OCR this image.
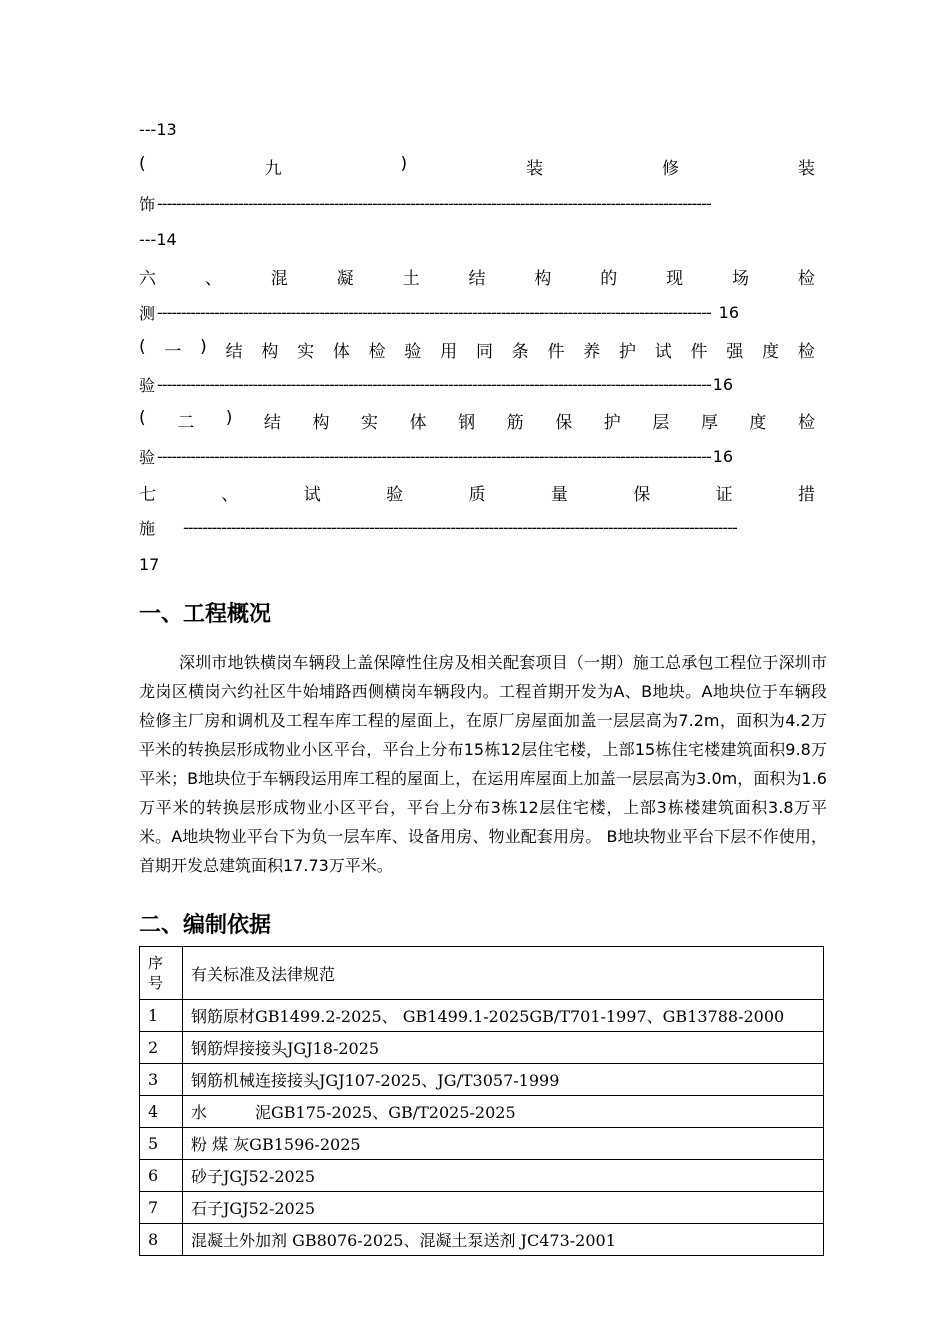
---13
(	九	)	装	修	装
饰 --------------------------------------------------------------------------------------------------------------------
---14
六	、	混	凝	土	结	构	的	现	场	检
测 -------------------------------------------------------------------------------------------------------------------- 16
( 一 ) 结 构 实 体 检 验 用 同 条 件 养 护 试 件 强 度 检
验 -------------------------------------------------------------------------------------------------------------------- 16
( 二 ) 结 构 实 体 钢 筋 保 护 层 厚 度 检
验 -------------------------------------------------------------------------------------------------------------------- 16
七	、	试	验	质	量	保	证	措
施 --------------------------------------------------------------------------------------------------------------------
17
一、工程概况

深圳市地铁横岗车辆段上盖保障性住房及相关配套项目（一期）施工总承包工程位于深圳市龙岗区横岗六约社区牛始埔路西侧横岗车辆段内。工程首期开发为A、B地块。A地块位于车辆段检修主厂房和调机及工程车库工程的屋面上，在原厂房屋面加盖一层层高为7.2m，面积为4.2万平米的转换层形成物业小区平台，平台上分布15栋12层住宅楼，上部15栋住宅楼建筑面积9.8万平米；B地块位于车辆段运用库工程的屋面上，在运用库屋面上加盖一层层高为3.0m，面积为1.6万平米的转换层形成物业小区平台，平台上分布3栋12层住宅楼，上部3栋楼建筑面积3.8万平米。A地块物业平台下为负一层车库、设备用房、物业配套用房。 B地块物业平台下层不作使用，首期开发总建筑面积17.73万平米。

二、编制依据
序号	有关标准及法律规范
1	钢筋原材GB1499.2-2025、 GB1499.1-2025GB/T701-1997、GB13788-2000
2	钢筋焊接接头JGJ18-2025
3	钢筋机械连接接头JGJ107-2025、JG/T3057-1999
4	水　　　泥GB175-2025、GB/T2025-2025
5	粉 煤 灰GB1596-2025
6	砂子JGJ52-2025
7	石子JGJ52-2025
8	混凝土外加剂 GB8076-2025、混凝土泵送剂 JC473-2001
